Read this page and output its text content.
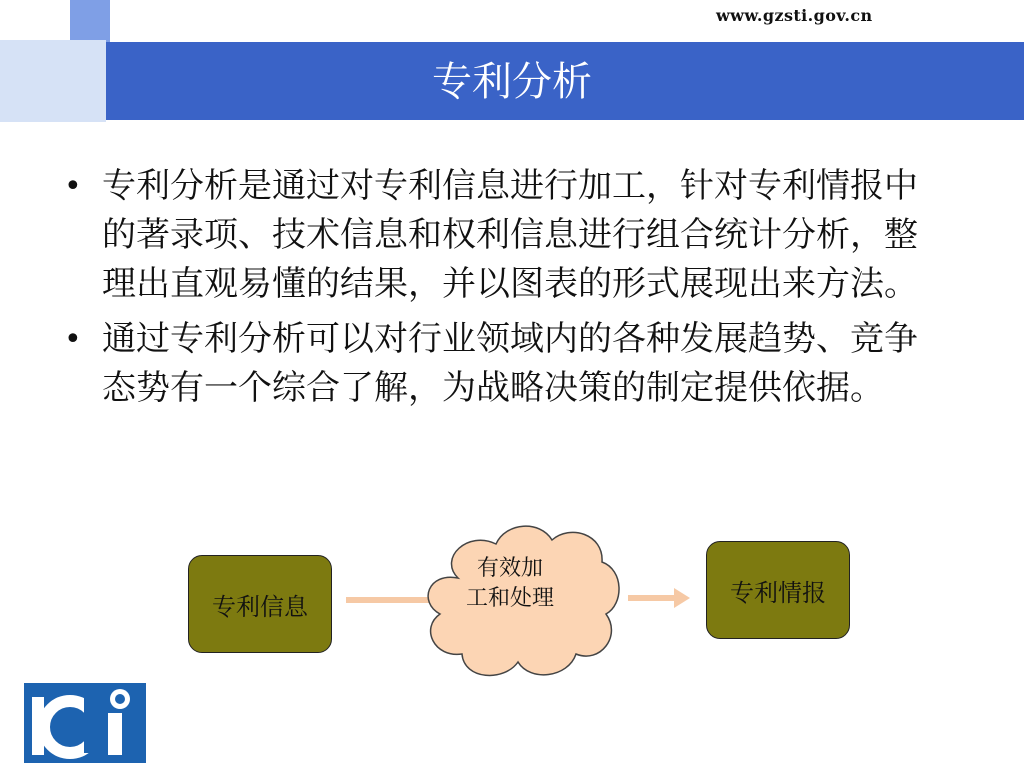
www.gzsti.gov.cn
专利分析
• 专利分析是通过对专利信息进行加工，针对专利情报中的著录项、技术信息和权利信息进行组合统计分析，整理出直观易懂的结果，并以图表的形式展现出来方法。
• 通过专利分析可以对行业领域内的各种发展趋势、竞争态势有一个综合了解，为战略决策的制定提供依据。
专利信息
有效加
工和处理	专利情报
